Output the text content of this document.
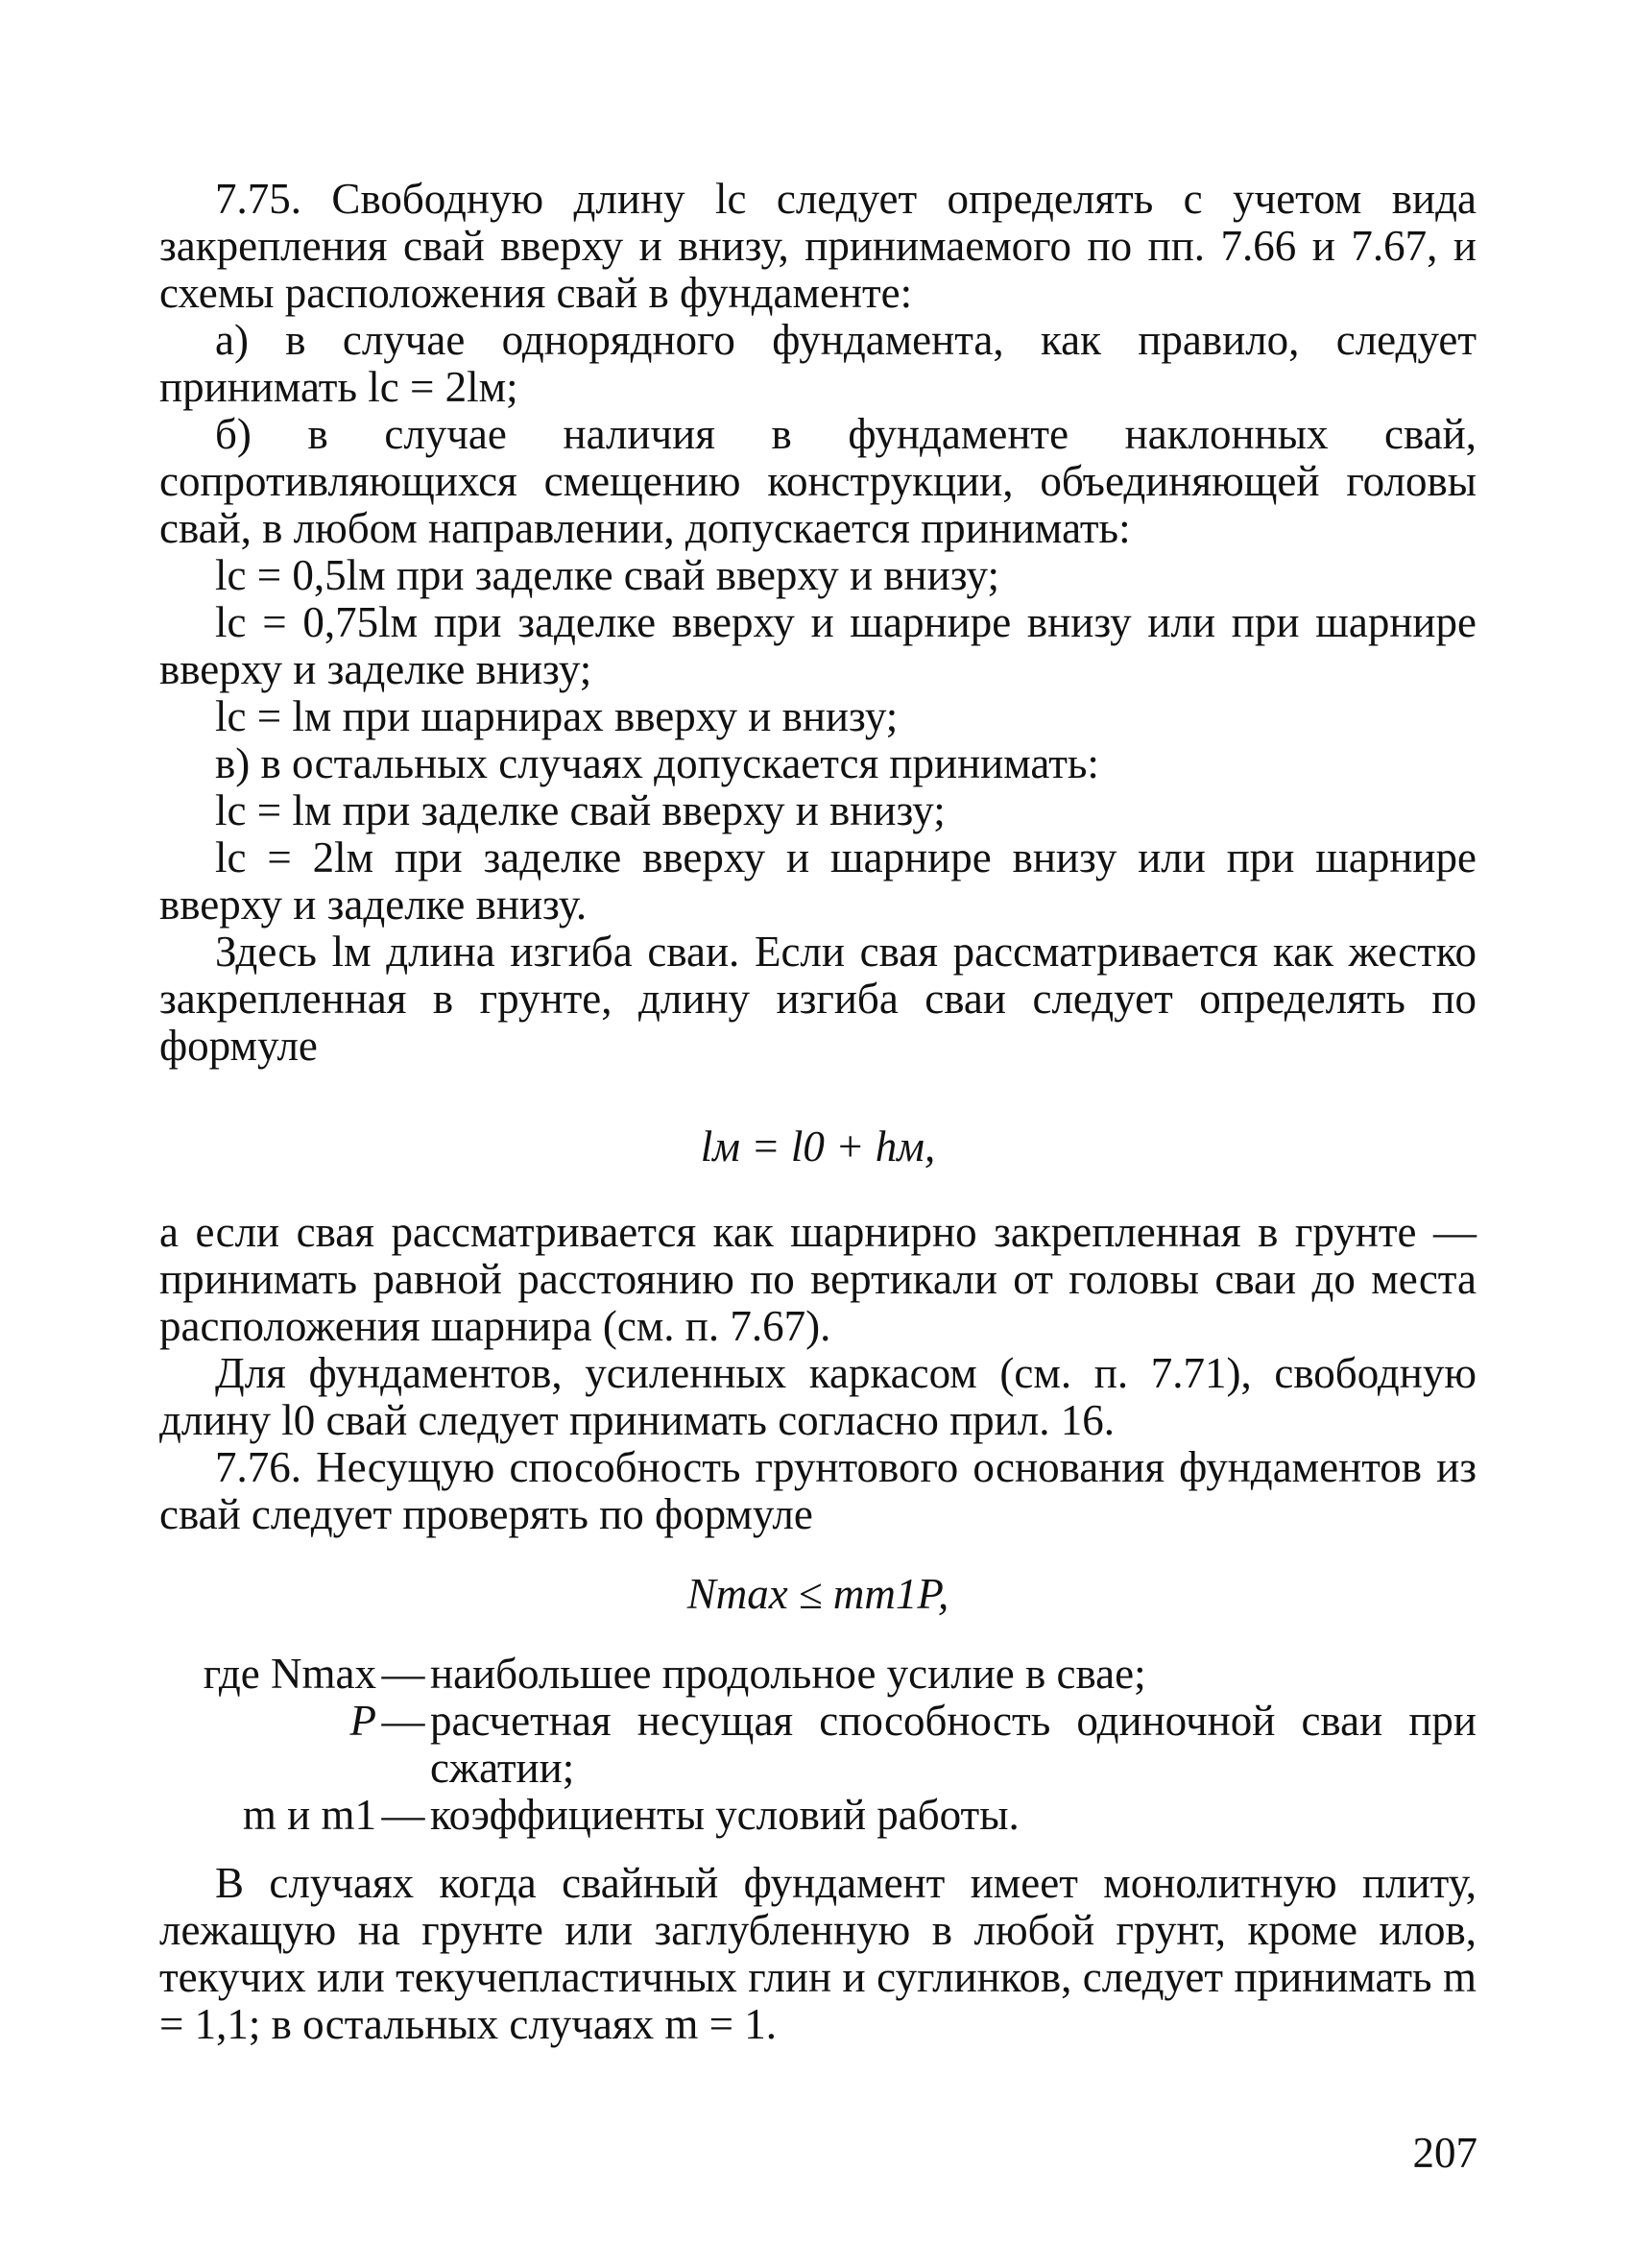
7.75. Свободную длину lс следует определять с учетом вида закрепления свай вверху и внизу, принимаемого по пп. 7.66 и 7.67, и схемы расположения свай в фундаменте:

а) в случае однорядного фундамента, как правило, следует принимать lс = 2lм;

б) в случае наличия в фундаменте наклонных свай, сопротивляющихся смещению конструкции, объединяющей головы свай, в любом направлении, допускается принимать:

lс = 0,5lм при заделке свай вверху и внизу;

lс = 0,75lм при заделке вверху и шарнире внизу или при шарнире вверху и заделке внизу;

lс = lм при шарнирах вверху и внизу;

в) в остальных случаях допускается принимать:

lс = lм при заделке свай вверху и внизу;

lс = 2lм при заделке вверху и шарнире внизу или при шарнире вверху и заделке внизу.

Здесь lм длина изгиба сваи. Если свая рассматривается как жестко закрепленная в грунте, длину изгиба сваи следует определять по формуле

lм = l0 + hм,

а если свая рассматривается как шарнирно закрепленная в грунте — принимать равной расстоянию по вертикали от головы сваи до места расположения шарнира (см. п. 7.67).

Для фундаментов, усиленных каркасом (см. п. 7.71), свободную длину l0 свай следует принимать согласно прил. 16.

7.76. Несущую способность грунтового основания фундаментов из свай следует проверять по формуле

Nmax ≤ mm1P,

где Nmax — наибольшее продольное усилие в свае;
P — расчетная несущая способность одиночной сваи при сжатии;
m и m1 — коэффициенты условий работы.

В случаях когда свайный фундамент имеет монолитную плиту, лежащую на грунте или заглубленную в любой грунт, кроме илов, текучих или текучепластичных глин и суглинков, следует принимать m = 1,1; в остальных случаях m = 1.

207
